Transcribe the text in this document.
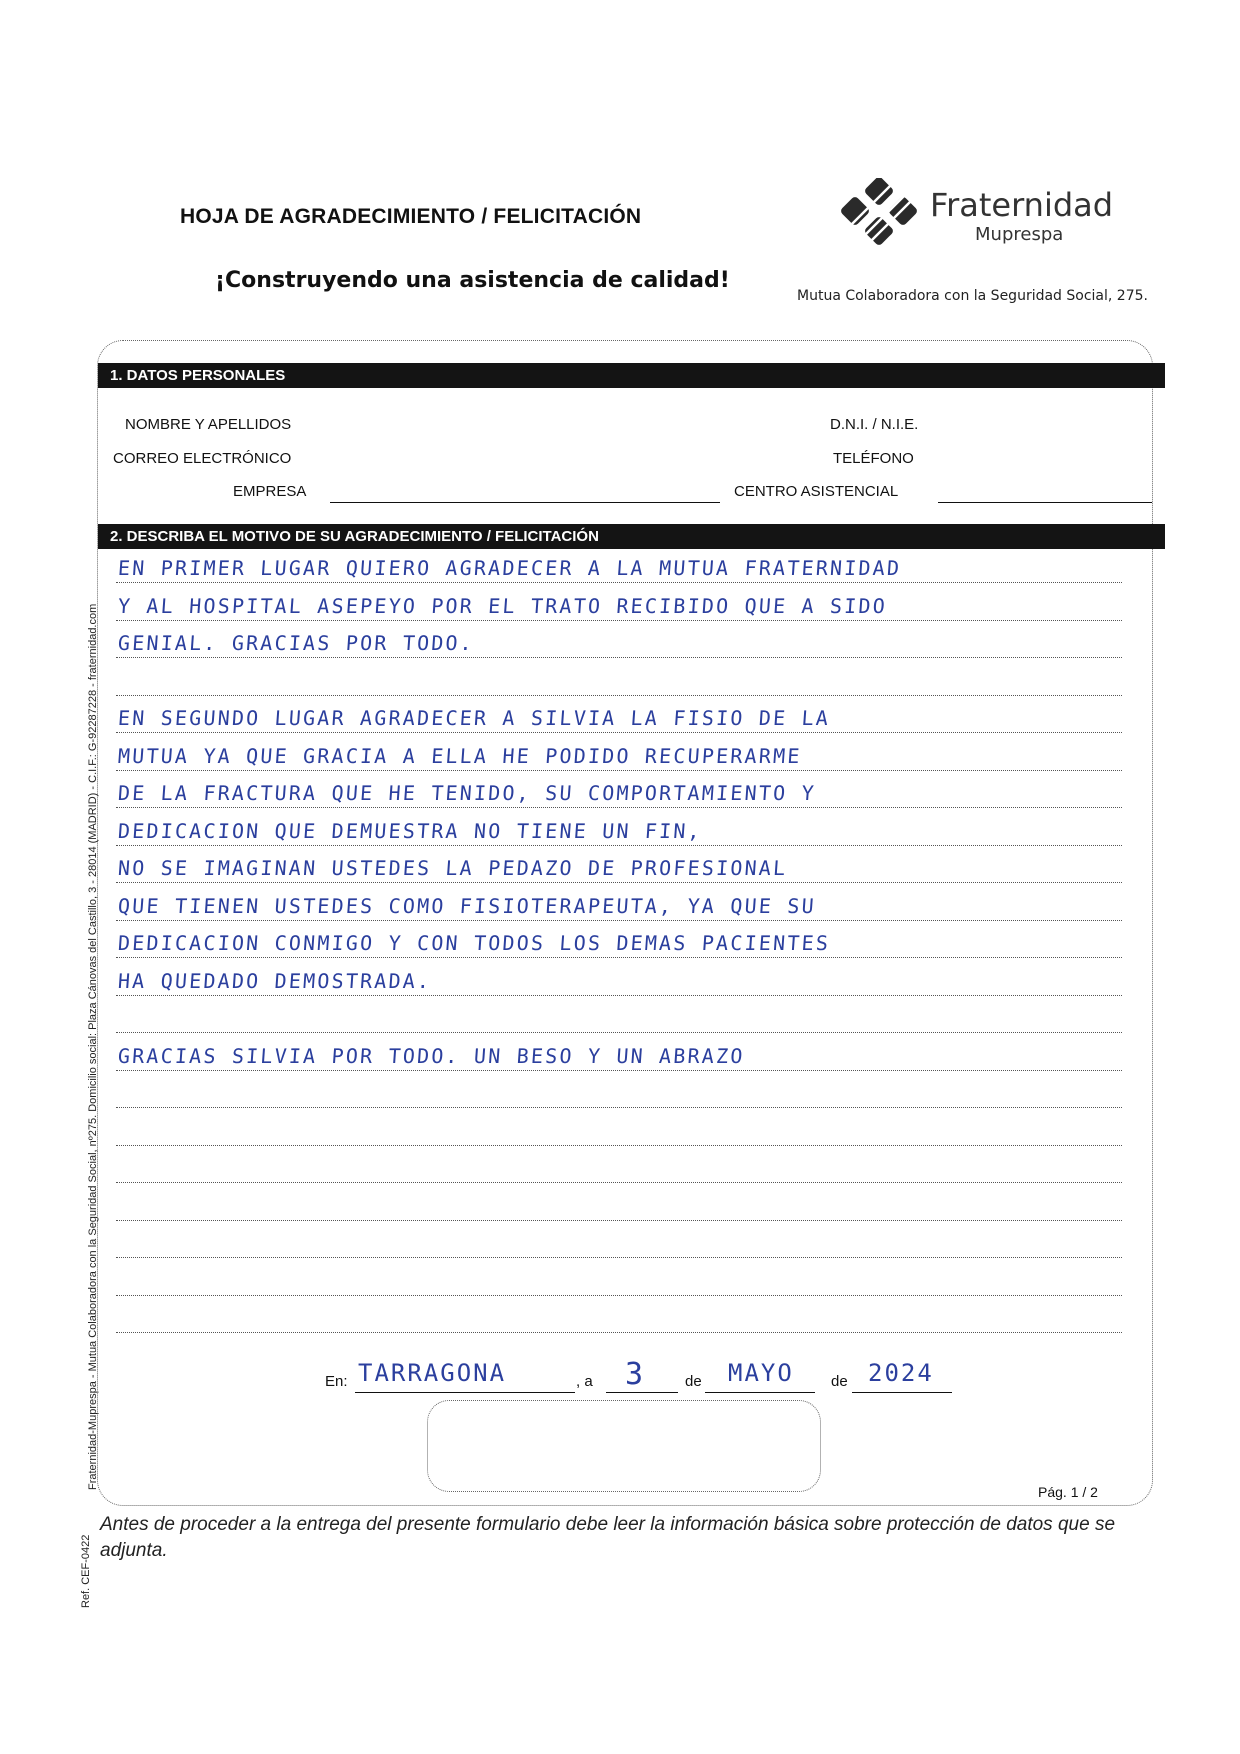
HOJA DE AGRADECIMIENTO / FELICITACIÓN
¡Construyendo una asistencia de calidad!
Fraternidad
Muprespa
Mutua Colaboradora con la Seguridad Social, 275.
Fraternidad-Muprespa - Mutua Colaboradora con la Seguridad Social, nº275. Domicilio social: Plaza Cánovas del Castillo, 3 - 28014 (MADRID) - C.I.F.: G-92287228 - fraternidad.com
Ref. CEF-0422
1. DATOS PERSONALES
NOMBRE Y APELLIDOS	D.N.I. / N.I.E.
CORREO ELECTRÓNICO	TELÉFONO
EMPRESA	CENTRO ASISTENCIAL
2. DESCRIBA EL MOTIVO DE SU AGRADECIMIENTO / FELICITACIÓN
EN PRIMER LUGAR QUIERO AGRADECER A LA MUTUA FRATERNIDAD
Y AL HOSPITAL ASEPEYO POR EL TRATO RECIBIDO QUE A SIDO
GENIAL. GRACIAS POR TODO.
EN SEGUNDO LUGAR AGRADECER A SILVIA LA FISIO DE LA
MUTUA YA QUE GRACIA A ELLA HE PODIDO RECUPERARME
DE LA FRACTURA QUE HE TENIDO, SU COMPORTAMIENTO Y
DEDICACION QUE DEMUESTRA NO TIENE UN FIN,
NO SE IMAGINAN USTEDES LA PEDAZO DE PROFESIONAL
QUE TIENEN USTEDES COMO FISIOTERAPEUTA, YA QUE SU
DEDICACION CONMIGO Y CON TODOS LOS DEMAS PACIENTES
HA QUEDADO DEMOSTRADA.
GRACIAS SILVIA POR TODO. UN BESO Y UN ABRAZO
En: TARRAGONA	, a 3	de MAYO de 2024
Pág. 1 / 2
Antes de proceder a la entrega del presente formulario debe leer la información básica sobre protección de datos que se adjunta.
